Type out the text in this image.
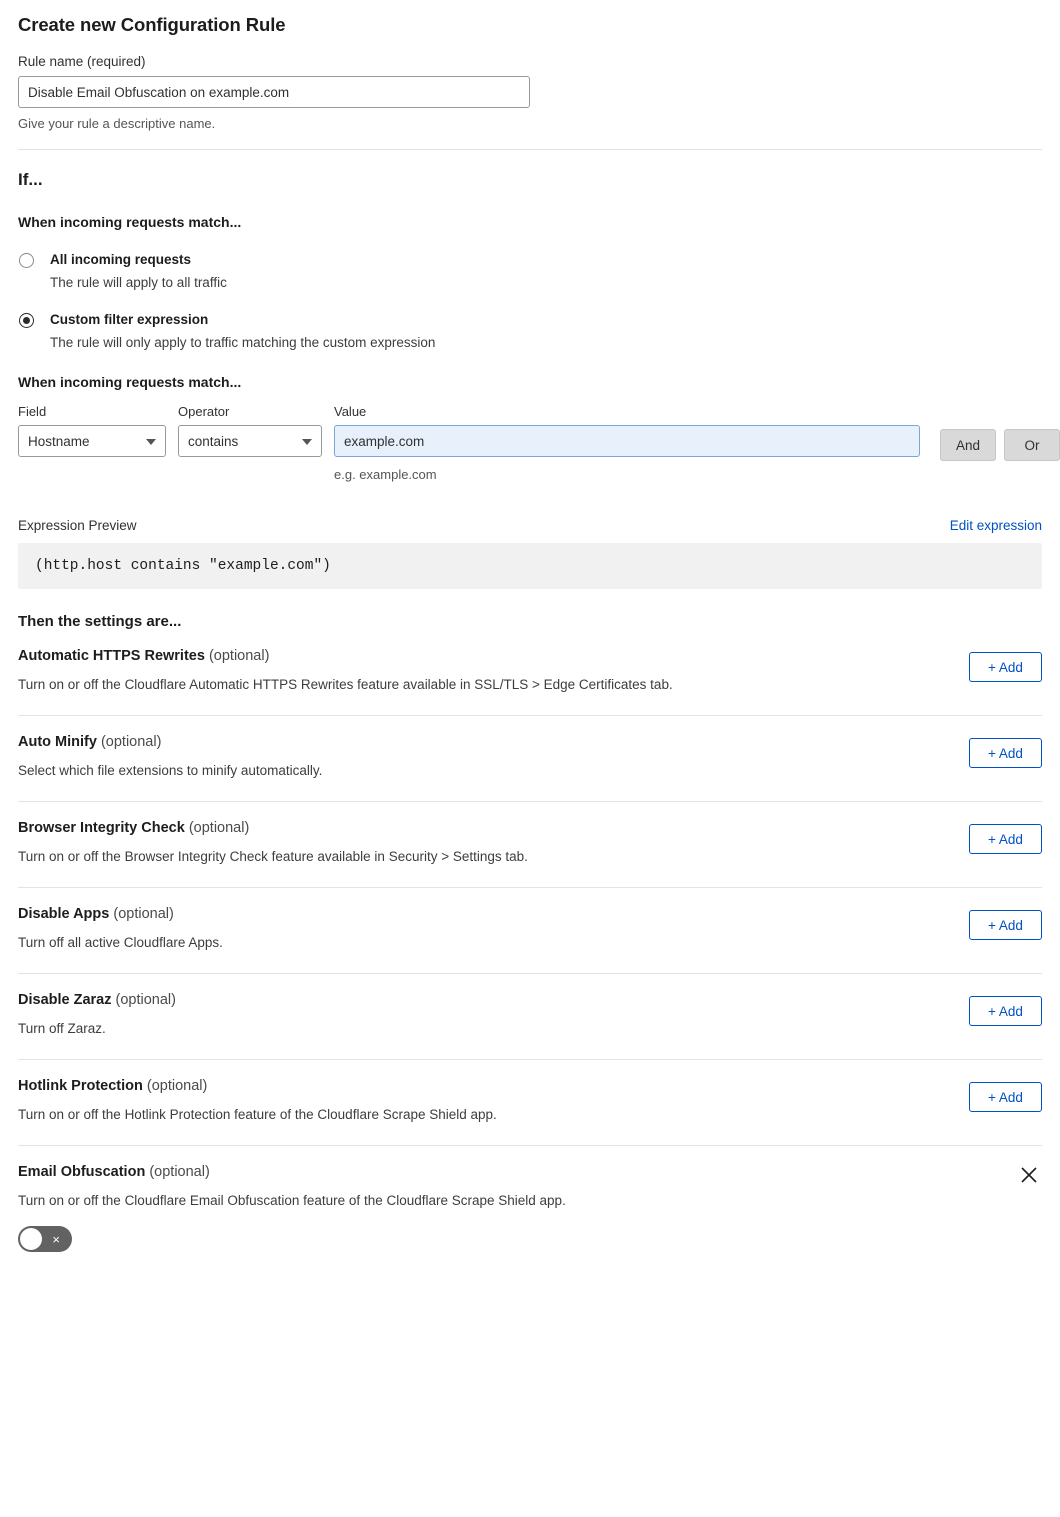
Create new Configuration Rule
Rule name (required)
Disable Email Obfuscation on example.com
Give your rule a descriptive name.
If...
When incoming requests match...
All incoming requests
The rule will apply to all traffic
Custom filter expression
The rule will only apply to traffic matching the custom expression
When incoming requests match...
Field
Hostname
Operator
contains
Value
example.com
e.g. example.com
And	Or
Expression Preview	Edit expression
(http.host contains "example.com")
Then the settings are...
Automatic HTTPS Rewrites (optional)
Turn on or off the Cloudflare Automatic HTTPS Rewrites feature available in SSL/TLS > Edge Certificates tab.
+ Add
Auto Minify (optional)
Select which file extensions to minify automatically.
+ Add
Browser Integrity Check (optional)
Turn on or off the Browser Integrity Check feature available in Security > Settings tab.
+ Add
Disable Apps (optional)
Turn off all active Cloudflare Apps.
+ Add
Disable Zaraz (optional)
Turn off Zaraz.
+ Add
Hotlink Protection (optional)
Turn on or off the Hotlink Protection feature of the Cloudflare Scrape Shield app.
+ Add
Email Obfuscation (optional)
Turn on or off the Cloudflare Email Obfuscation feature of the Cloudflare Scrape Shield app.
×
